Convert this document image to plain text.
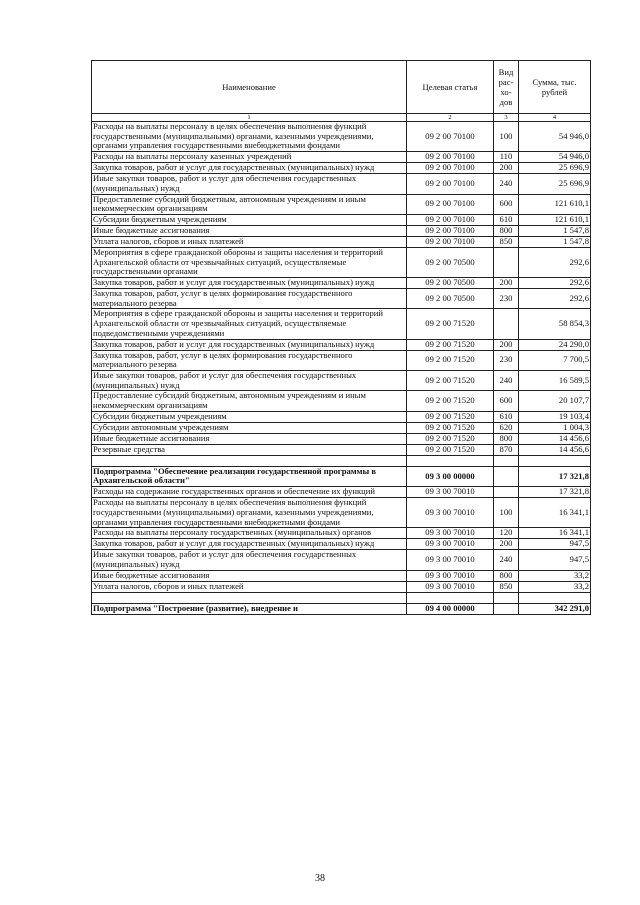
Наименование	Целевая статья	Вид рас- хо- дов	Сумма, тыс. рублей
1	2	3	4
Расходы на выплаты персоналу в целях обеспечения выполнения функций государственными (муниципальными) органами, казенными учреждениями, органами управления государственными внебюджетными фондами	09 2 00 70100	100	54 946,0
Расходы на выплаты персоналу казенных учреждений	09 2 00 70100	110	54 946,0
Закупка товаров, работ и услуг для государственных (муниципальных) нужд	09 2 00 70100	200	25 696,9
Иные закупки товаров, работ и услуг для обеспечения государственных (муниципальных) нужд	09 2 00 70100	240	25 696,9
Предоставление субсидий бюджетным, автономным учреждениям и иным некоммерческим организациям	09 2 00 70100	600	121 610,1
Субсидии бюджетным учреждениям	09 2 00 70100	610	121 610,1
Иные бюджетные ассигнования	09 2 00 70100	800	1 547,8
Уплата налогов, сборов и иных платежей	09 2 00 70100	850	1 547,8
Мероприятия в сфере гражданской обороны и защиты населения и территорий Архангельской области от чрезвычайных ситуаций, осуществляемые государственными органами	09 2 00 70500		292,6
Закупка товаров, работ и услуг для государственных (муниципальных) нужд	09 2 00 70500	200	292,6
Закупка товаров, работ, услуг в целях формирования государственного материального резерва	09 2 00 70500	230	292,6
Мероприятия в сфере гражданской обороны и защиты населения и территорий Архангельской области от чрезвычайных ситуаций, осуществляемые подведомственными учреждениями	09 2 00 71520		58 854,3
Закупка товаров, работ и услуг для государственных (муниципальных) нужд	09 2 00 71520	200	24 290,0
Закупка товаров, работ, услуг в целях формирования государственного материального резерва	09 2 00 71520	230	7 700,5
Иные закупки товаров, работ и услуг для обеспечения государственных (муниципальных) нужд	09 2 00 71520	240	16 589,5
Предоставление субсидий бюджетным, автономным учреждениям и иным некоммерческим организациям	09 2 00 71520	600	20 107,7
Субсидии бюджетным учреждениям	09 2 00 71520	610	19 103,4
Субсидии автономным учреждениям	09 2 00 71520	620	1 004,3
Иные бюджетные ассигнования	09 2 00 71520	800	14 456,6
Резервные средства	09 2 00 71520	870	14 456,6

Подпрограмма "Обеспечение реализации государственной программы в Архангельской области"	09 3 00 00000		17 321,8
Расходы на содержание государственных органов и обеспечение их функций	09 3 00 70010		17 321,8
Расходы на выплаты персоналу в целях обеспечения выполнения функций государственными (муниципальными) органами, казенными учреждениями, органами управления государственными внебюджетными фондами	09 3 00 70010	100	16 341,1
Расходы на выплаты персоналу государственных (муниципальных) органов	09 3 00 70010	120	16 341,1
Закупка товаров, работ и услуг для государственных (муниципальных) нужд	09 3 00 70010	200	947,5
Иные закупки товаров, работ и услуг для обеспечения государственных (муниципальных) нужд	09 3 00 70010	240	947,5
Иные бюджетные ассигнования	09 3 00 70010	800	33,2
Уплата налогов, сборов и иных платежей	09 3 00 70010	850	33,2

Подпрограмма "Построение (развитие), внедрение и	09 4 00 00000		342 291,0
38
